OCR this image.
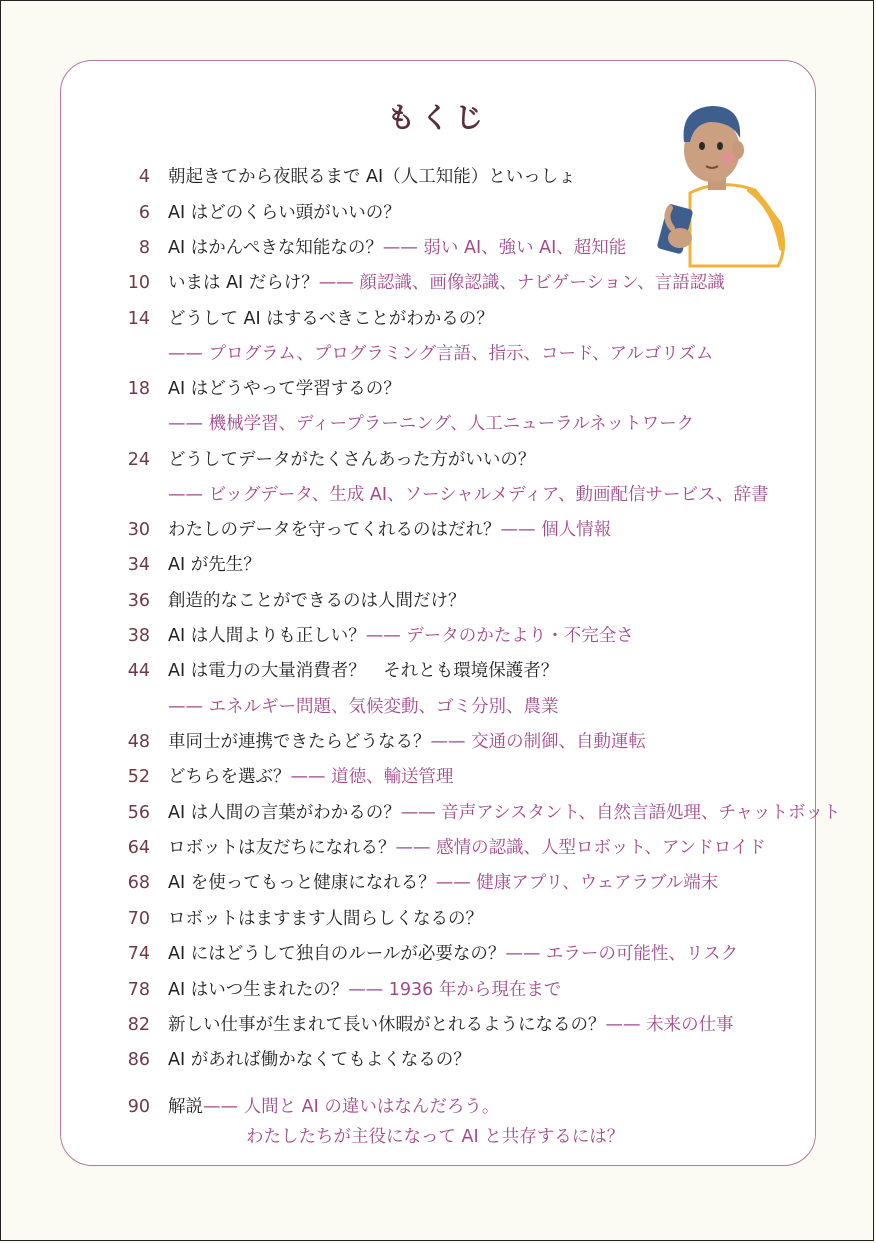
もくじ
4 朝起きてから夜眠るまで AI（人工知能）といっしょ
6 AI はどのくらい頭がいいの？
8 AI はかんぺきな知能なの？—— 弱い AI、強い AI、超知能
10 いまは AI だらけ？—— 顔認識、画像認識、ナビゲーション、言語認識
14 どうして AI はするべきことがわかるの？
—— プログラム、プログラミング言語、指示、コード、アルゴリズム
18 AI はどうやって学習するの？
—— 機械学習、ディープラーニング、人工ニューラルネットワーク
24 どうしてデータがたくさんあった方がいいの？
—— ビッグデータ、生成 AI、ソーシャルメディア、動画配信サービス、辞書
30 わたしのデータを守ってくれるのはだれ？—— 個人情報
34 AI が先生？
36 創造的なことができるのは人間だけ？
38 AI は人間よりも正しい？—— データのかたより・不完全さ
44 AI は電力の大量消費者？　それとも環境保護者？
—— エネルギー問題、気候変動、ゴミ分別、農業
48 車同士が連携できたらどうなる？—— 交通の制御、自動運転
52 どちらを選ぶ？—— 道徳、輸送管理
56 AI は人間の言葉がわかるの？—— 音声アシスタント、自然言語処理、チャットボット
64 ロボットは友だちになれる？—— 感情の認識、人型ロボット、アンドロイド
68 AI を使ってもっと健康になれる？—— 健康アプリ、ウェアラブル端末
70 ロボットはますます人間らしくなるの？
74 AI にはどうして独自のルールが必要なの？—— エラーの可能性、リスク
78 AI はいつ生まれたの？—— 1936 年から現在まで
82 新しい仕事が生まれて長い休暇がとれるようになるの？—— 未来の仕事
86 AI があれば働かなくてもよくなるの？
90 解説—— 人間と AI の違いはなんだろう。
わたしたちが主役になって AI と共存するには？
